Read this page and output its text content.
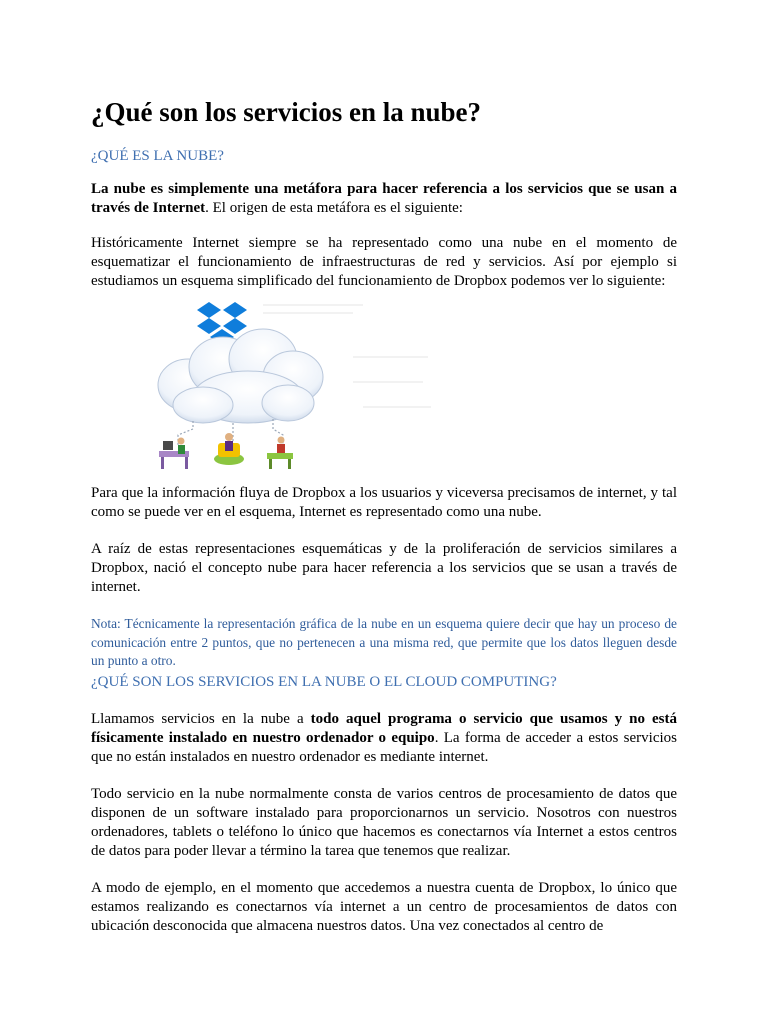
¿Qué son los servicios en la nube?
¿QUÉ ES LA NUBE?

La nube es simplemente una metáfora para hacer referencia a los servicios que se usan a través de Internet. El origen de esta metáfora es el siguiente:

Históricamente Internet siempre se ha representado como una nube en el momento de esquematizar el funcionamiento de infraestructuras de red y servicios. Así por ejemplo si estudiamos un esquema simplificado del funcionamiento de Dropbox podemos ver lo siguiente:

Para que la información fluya de Dropbox a los usuarios y viceversa precisamos de internet, y tal como se puede ver en el esquema, Internet es representado como una nube.

A raíz de estas representaciones esquemáticas y de la proliferación de servicios similares a Dropbox, nació el concepto nube para hacer referencia a los servicios que se usan a través de internet.

Nota: Técnicamente la representación gráfica de la nube en un esquema quiere decir que hay un proceso de comunicación entre 2 puntos, que no pertenecen a una misma red, que permite que los datos lleguen desde un punto a otro.

¿QUÉ SON LOS SERVICIOS EN LA NUBE O EL CLOUD COMPUTING?

Llamamos servicios en la nube a todo aquel programa o servicio que usamos y no está físicamente instalado en nuestro ordenador o equipo. La forma de acceder a estos servicios que no están instalados en nuestro ordenador es mediante internet.

Todo servicio en la nube normalmente consta de varios centros de procesamiento de datos que disponen de un software instalado para proporcionarnos un servicio. Nosotros con nuestros ordenadores, tablets o teléfono lo único que hacemos es conectarnos vía Internet a estos centros de datos para poder llevar a término la tarea que tenemos que realizar.

A modo de ejemplo, en el momento que accedemos a nuestra cuenta de Dropbox, lo único que estamos realizando es conectarnos vía internet a un centro de procesamientos de datos con ubicación desconocida que almacena nuestros datos. Una vez conectados al centro de
